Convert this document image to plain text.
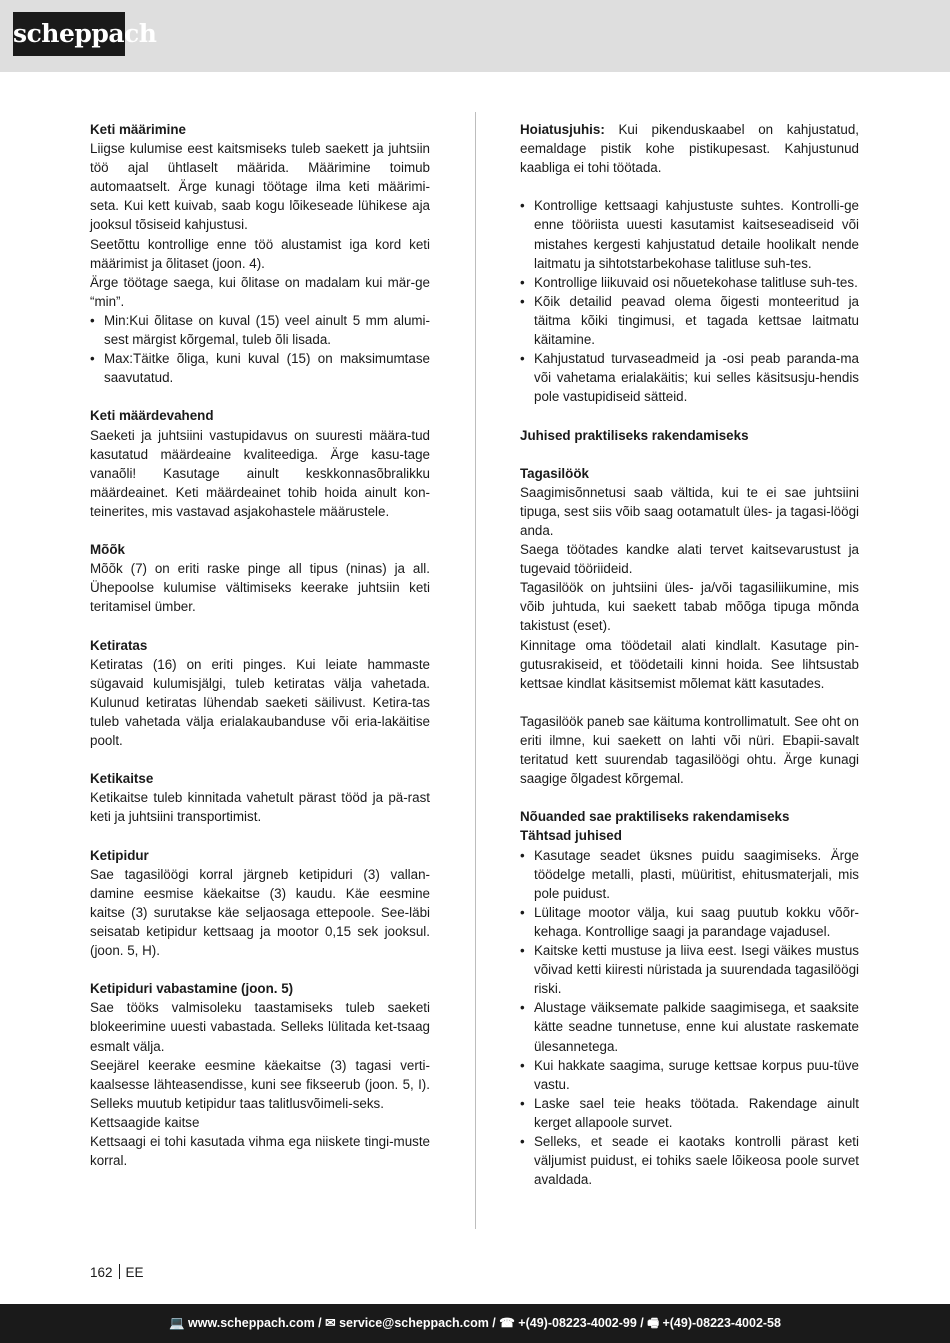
scheppach
Keti määrimine
Liigse kulumise eest kaitsmiseks tuleb saekett ja juhtsiin töö ajal ühtlaselt määrida. Määrimine toimub automaatselt. Ärge kunagi töötage ilma keti määrimi-seta. Kui kett kuivab, saab kogu lõikeseade lühikese aja jooksul tõsiseid kahjustusi.
Seetõttu kontrollige enne töö alustamist iga kord keti määrimist ja õlitaset (joon. 4).
Ärge töötage saega, kui õlitase on madalam kui mär-ge “min”.
• Min:Kui õlitase on kuval (15) veel ainult 5 mm alumi-sest märgist kõrgemal, tuleb õli lisada.
• Max:Täitke õliga, kuni kuval (15) on maksimumtase saavutatud.
Keti määrdevahend
Saeketi ja juhtsiini vastupidavus on suuresti määra-tud kasutatud määrdeaine kvaliteediga. Ärge kasu-tage vanaõli! Kasutage ainult keskkonnasõbralikku määrdeainet. Keti määrdeainet tohib hoida ainult kon-teinerites, mis vastavad asjakohastele määrustele.
Mõõk
Mõõk (7) on eriti raske pinge all tipus (ninas) ja all. Ühepoolse kulumise vältimiseks keerake juhtsiin keti teritamisel ümber.
Ketiratas
Ketiratas (16) on eriti pinges. Kui leiate hammaste sügavaid kulumisjälgi, tuleb ketiratas välja vahetada. Kulunud ketiratas lühendab saeketi säilivust. Ketira-tas tuleb vahetada välja erialakaubanduse või eria-lakäitise poolt.
Ketikaitse
Ketikaitse tuleb kinnitada vahetult pärast tööd ja pä-rast keti ja juhtsiini transportimist.
Ketipidur
Sae tagasilöögi korral järgneb ketipiduri (3) vallan-damine eesmise käekaitse (3) kaudu. Käe eesmine kaitse (3) surutakse käe seljaosaga ettepoole. See-läbi seisatab ketipidur kettsaag ja mootor 0,15 sek jooksul. (joon. 5, H).
Ketipiduri vabastamine (joon. 5)
Sae tööks valmisoleku taastamiseks tuleb saeketi blokeerimine uuesti vabastada. Selleks lülitada ket-tsaag esmalt välja.
Seejärel keerake eesmine käekaitse (3) tagasi verti-kaalsesse lähteasendisse, kuni see fikseerub (joon. 5, I). Selleks muutub ketipidur taas talitlusvõimeli-seks.
Kettsaagide kaitse
Kettsaagi ei tohi kasutada vihma ega niiskete tingi-muste korral.
Hoiatusjuhis: Kui pikenduskaabel on kahjustatud, eemaldage pistik kohe pistikupesast. Kahjustunud kaabliga ei tohi töötada.
• Kontrollige kettsaagi kahjustuste suhtes. Kontrolli-ge enne tööriista uuesti kasutamist kaitseseadiseid või mistahes kergesti kahjustatud detaile hoolikalt nende laitmatu ja sihtotstarbekohase talitluse suh-tes.
• Kontrollige liikuvaid osi nõuetekohase talitluse suh-tes.
• Kõik detailid peavad olema õigesti monteeritud ja täitma kõiki tingimusi, et tagada kettsae laitmatu käitamine.
• Kahjustatud turvaseadmeid ja -osi peab paranda-ma või vahetama erialakäitis; kui selles käsitsusju-hendis pole vastupidiseid sätteid.
Juhised praktiliseks rakendamiseks
Tagasilöök
Saagimisõnnetusi saab vältida, kui te ei sae juhtsiini tipuga, sest siis võib saag ootamatult üles- ja tagasi-löögi anda.
Saega töötades kandke alati tervet kaitsevarustust ja tugevaid tööriideid.
Tagasilöök on juhtsiini üles- ja/või tagasiliikumine, mis võib juhtuda, kui saekett tabab mõõga tipuga mõnda takistust (eset).
Kinnitage oma töödetail alati kindlalt. Kasutage pin-gutusrakiseid, et töödetaili kinni hoida. See lihtsustab kettsae kindlat käsitsemist mõlemat kätt kasutades.
Tagasilöök paneb sae käituma kontrollimatult. See oht on eriti ilmne, kui saekett on lahti või nüri. Ebapii-savalt teritatud kett suurendab tagasilöögi ohtu. Ärge kunagi saagige õlgadest kõrgemal.
Nõuanded sae praktiliseks rakendamiseks
Tähtsad juhised
• Kasutage seadet üksnes puidu saagimiseks. Ärge töödelge metalli, plasti, müüritist, ehitusmaterjali, mis pole puidust.
• Lülitage mootor välja, kui saag puutub kokku võõr-kehaga. Kontrollige saagi ja parandage vajadusel.
• Kaitske ketti mustuse ja liiva eest. Isegi väikes mustus võivad ketti kiiresti nüristada ja suurendada tagasilöögi riski.
• Alustage väiksemate palkide saagimisega, et saaksite kätte seadne tunnetuse, enne kui alustate raskemate ülesannetega.
• Kui hakkate saagima, suruge kettsae korpus puu-tüve vastu.
• Laske sael teie heaks töötada. Rakendage ainult kerget allapoole survet.
• Selleks, et seade ei kaotaks kontrolli pärast keti väljumist puidust, ei tohiks saele lõikeosa poole survet avaldada.
162 EE
💻 www.scheppach.com / ✉ service@scheppach.com / ☎ +(49)-08223-4002-99 / 🖷 +(49)-08223-4002-58
